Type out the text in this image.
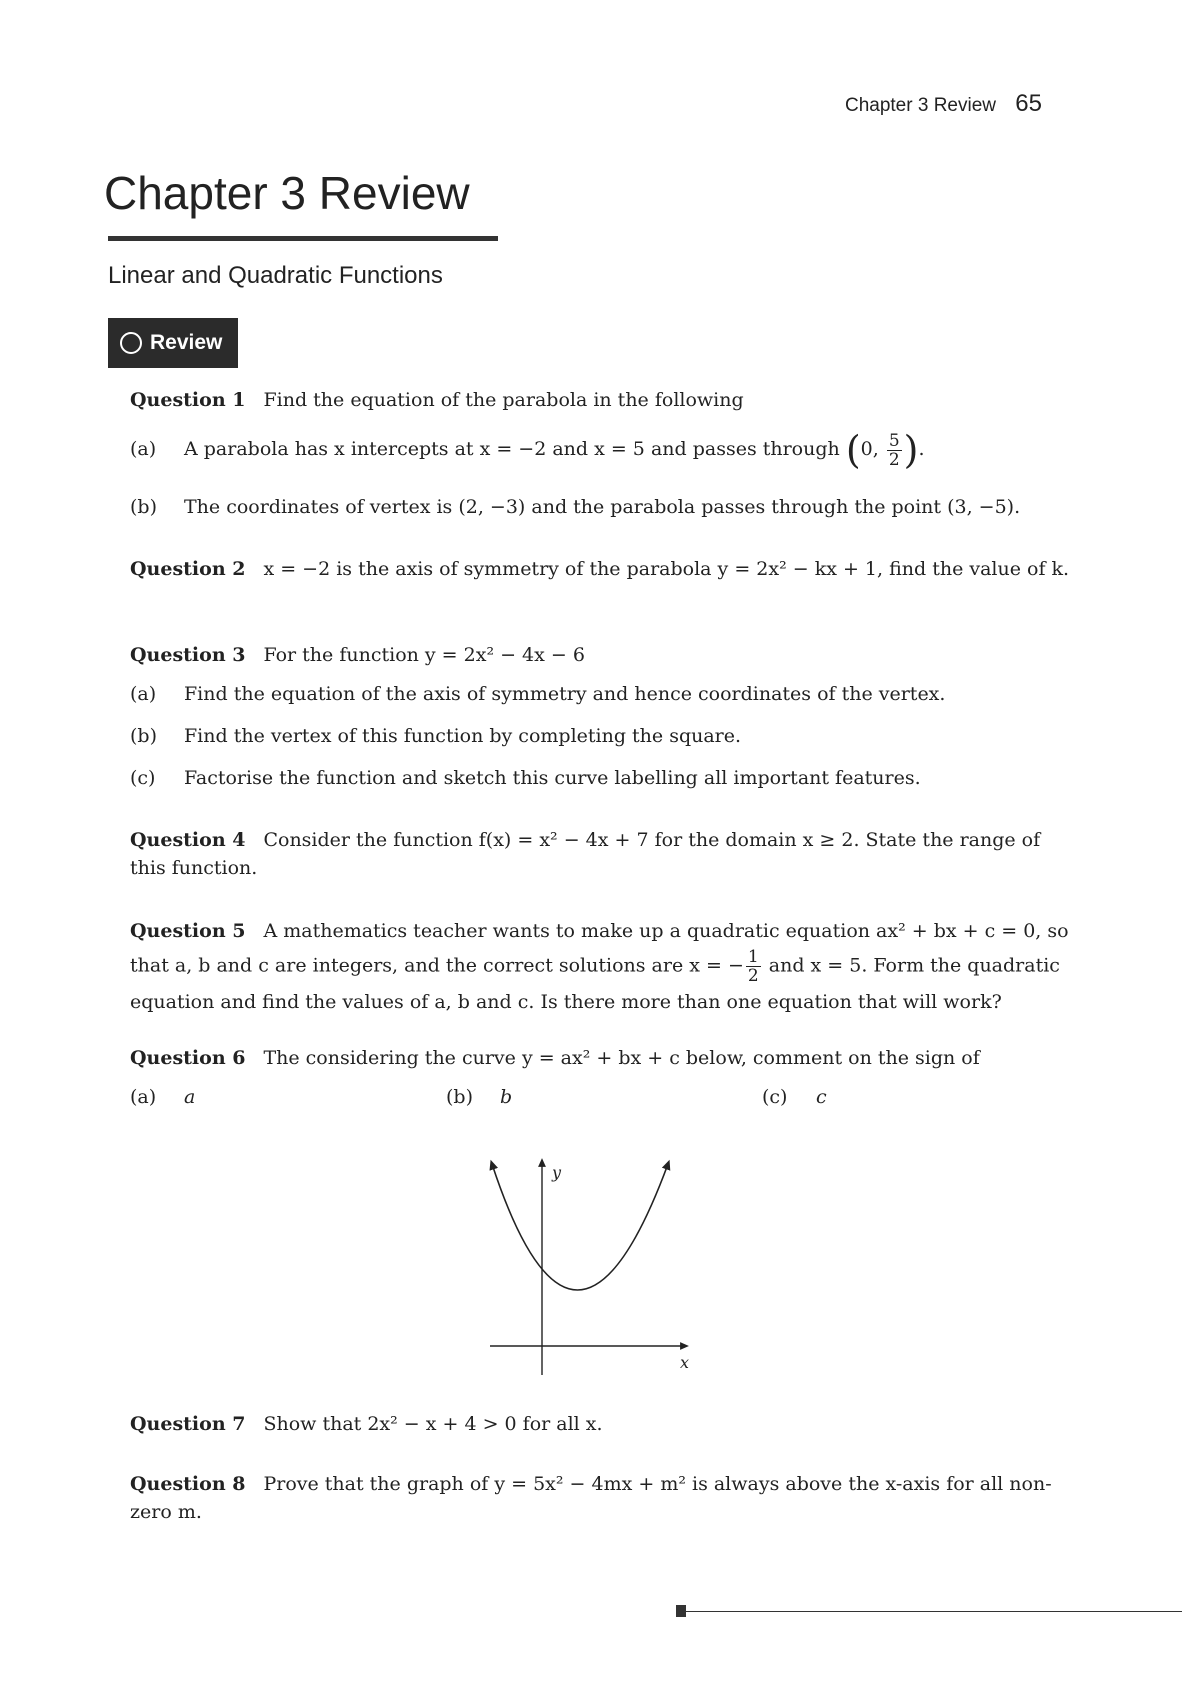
Chapter 3 Review 65
Chapter 3 Review
Linear and Quadratic Functions
Review
Question 1 Find the equation of the parabola in the following
(a) A parabola has x intercepts at x = −2 and x = 5 and passes through (0, $\frac{5}{2}$ ).
(b) The coordinates of vertex is (2, −3) and the parabola passes through the point (3, −5).
Question 2 x = −2 is the axis of symmetry of the parabola y = 2x² − kx + 1, find the value of k.
Question 3 For the function y = 2x² − 4x − 6
(a) Find the equation of the axis of symmetry and hence coordinates of the vertex.
(b) Find the vertex of this function by completing the square.
(c) Factorise the function and sketch this curve labelling all important features.
Question 4 Consider the function f(x) = x² − 4x + 7 for the domain x ≥ 2. State the range of this function.
Question 5 A mathematics teacher wants to make up a quadratic equation ax² + bx + c = 0, so
that a, b and c are integers, and the correct solutions are x = − $\frac{1}{2}$ and x = 5. Form the quadratic
equation and find the values of a, b and c. Is there more than one equation that will work?
Question 6 The considering the curve y = ax² + bx + c below, comment on the sign of
(a) a	(b) b	(c) c
y
x
Question 7 Show that 2x² − x + 4 > 0 for all x.
Question 8 Prove that the graph of y = 5x² − 4mx + m² is always above the x-axis for all non-zero m.
